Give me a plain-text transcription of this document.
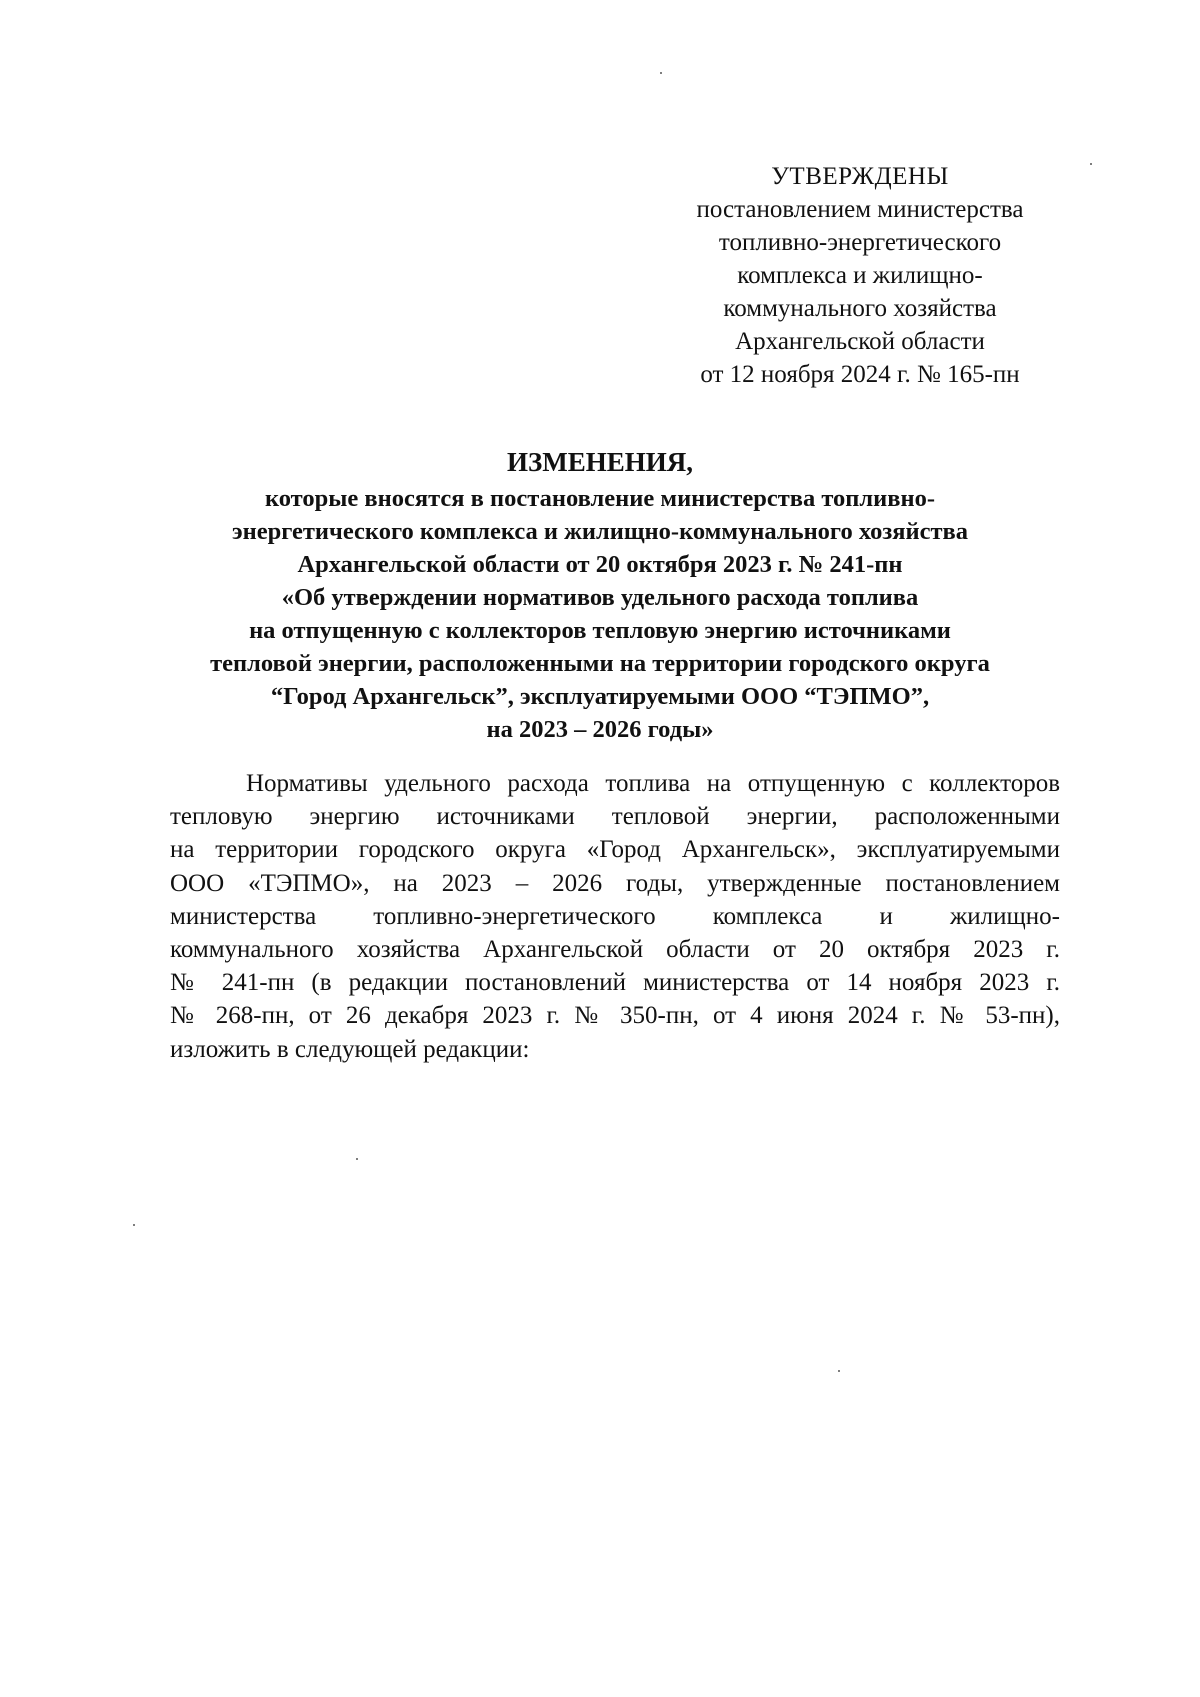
УТВЕРЖДЕНЫ
постановлением министерства
топливно-энергетического
комплекса и жилищно-
коммунального хозяйства
Архангельской области
от 12 ноября 2024 г. № 165-пн
ИЗМЕНЕНИЯ,
которые вносятся в постановление министерства топливно-
энергетического комплекса и жилищно-коммунального хозяйства
Архангельской области от 20 октября 2023 г. № 241-пн
«Об утверждении нормативов удельного расхода топлива
на отпущенную с коллекторов тепловую энергию источниками
тепловой энергии, расположенными на территории городского округа
“Город Архангельск”, эксплуатируемыми ООО “ТЭПМО”,
на 2023 – 2026 годы»
Нормативы удельного расхода топлива на отпущенную с коллекторов
тепловую энергию источниками тепловой энергии, расположенными
на территории городского округа «Город Архангельск», эксплуатируемыми
ООО «ТЭПМО», на 2023 – 2026 годы, утвержденные постановлением
министерства топливно-энергетического комплекса и жилищно-
коммунального хозяйства Архангельской области от 20 октября 2023 г.
№ 241-пн (в редакции постановлений министерства от 14 ноября 2023 г.
№ 268-пн, от 26 декабря 2023 г. № 350-пн, от 4 июня 2024 г. № 53-пн),
изложить в следующей редакции:
